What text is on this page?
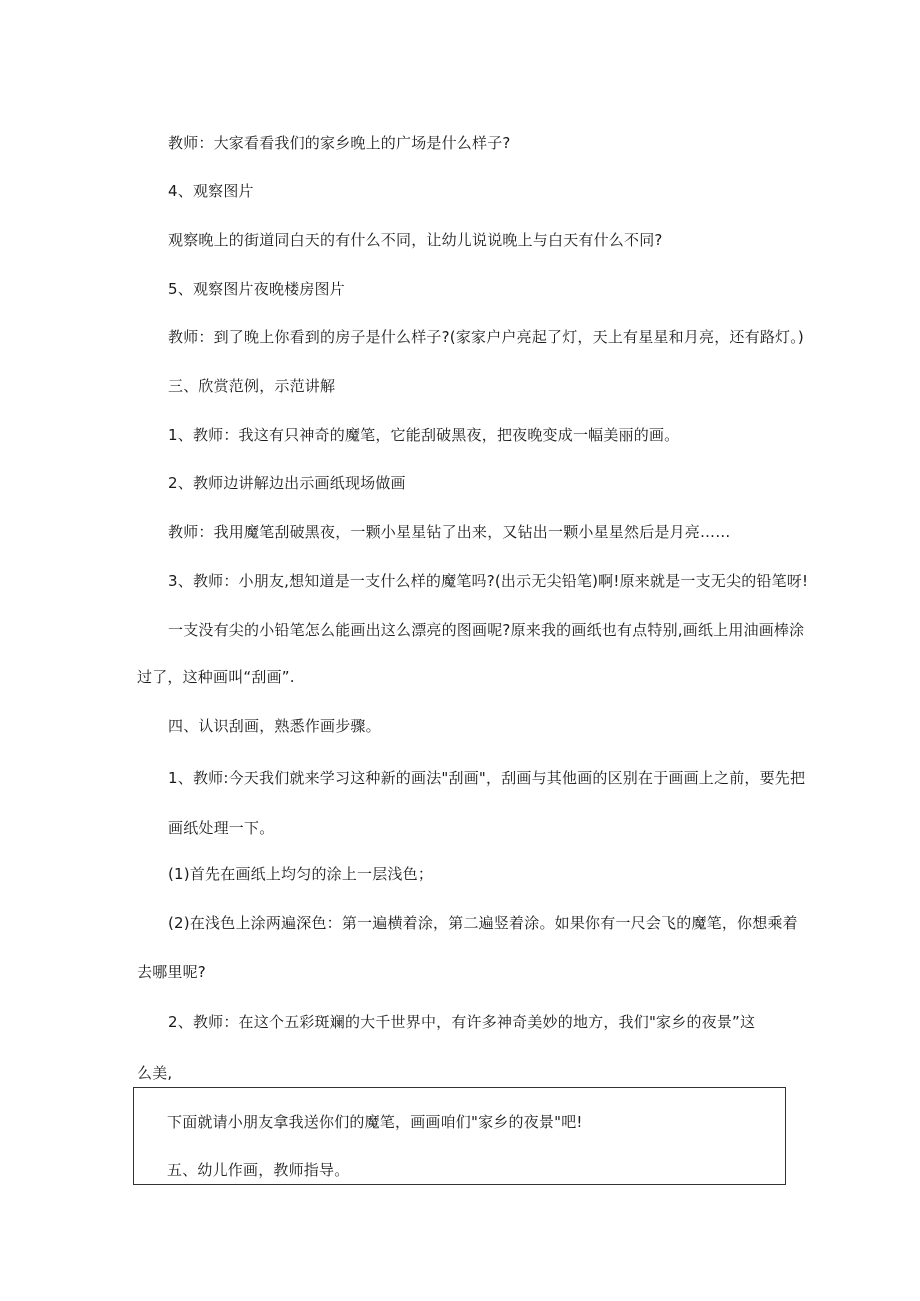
教师：大家看看我们的家乡晚上的广场是什么样子?

4、观察图片

观察晚上的街道同白天的有什么不同，让幼儿说说晚上与白天有什么不同?

5、观察图片夜晚楼房图片

教师：到了晚上你看到的房子是什么样子?(家家户户亮起了灯，天上有星星和月亮，还有路灯。)

三、欣赏范例，示范讲解

1、教师：我这有只神奇的魔笔，它能刮破黑夜，把夜晚变成一幅美丽的画。

2、教师边讲解边出示画纸现场做画

教师：我用魔笔刮破黑夜，一颗小星星钻了出来，又钻出一颗小星星然后是月亮……

3、教师：小朋友,想知道是一支什么样的魔笔吗?(出示无尖铅笔)啊!原来就是一支无尖的铅笔呀!

一支没有尖的小铅笔怎么能画出这么漂亮的图画呢?原来我的画纸也有点特别,画纸上用油画棒涂

过了，这种画叫“刮画”.

四、认识刮画，熟悉作画步骤。

1、教师:今天我们就来学习这种新的画法"刮画"，刮画与其他画的区别在于画画上之前，要先把

画纸处理一下。

(1)首先在画纸上均匀的涂上一层浅色；

(2)在浅色上涂两遍深色：第一遍横着涂，第二遍竖着涂。如果你有一尺会飞的魔笔，你想乘着

去哪里呢?

2、教师：在这个五彩斑斓的大千世界中，有许多神奇美妙的地方，我们"家乡的夜景”这

么美,

下面就请小朋友拿我送你们的魔笔，画画咱们"家乡的夜景"吧!

五、幼儿作画，教师指导。
